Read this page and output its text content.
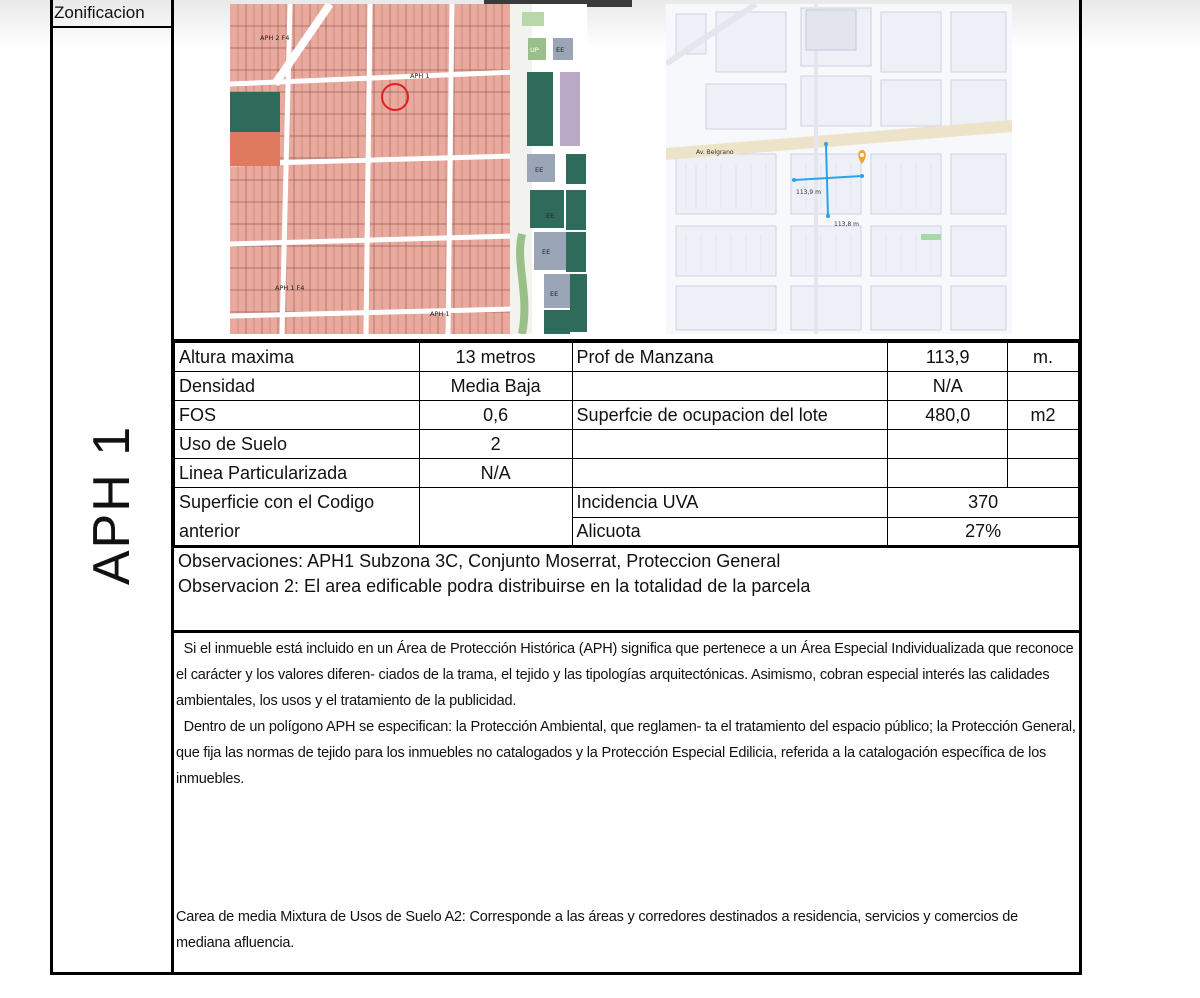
Zonificacion
APH 1
APH 2 F4
APH 1
APH 1 F4
APH 1
UP	EE
EE
EE
EE
EE
Av. Belgrano
113,9 m
113,8 m
Altura maxima	13 metros	Prof de Manzana	113,9	m.
Densidad	Media Baja		N/A	
FOS	0,6	Superfcie de ocupacion del lote	480,0	m2
Uso de Suelo	2			
Linea Particularizada	N/A			
Superficie con el Codigo anterior		Incidencia UVA	370	
		Alicuota	27%	
Observaciones: APH1 Subzona 3C, Conjunto Moserrat, Proteccion General
Observacion 2: El area edificable podra distribuirse en la totalidad de la parcela

Si el inmueble está incluido en un Área de Protección Histórica (APH) significa que pertenece a un Área Especial Individualizada que reconoce el carácter y los valores diferen- ciados de la trama, el tejido y las tipologías arquitectónicas. Asimismo, cobran especial interés las calidades ambientales, los usos y el tratamiento de la publicidad.

Dentro de un polígono APH se especifican: la Protección Ambiental, que reglamen- ta el tratamiento del espacio público; la Protección General, que fija las normas de tejido para los inmuebles no catalogados y la Protección Especial Edilicia, referida a la catalogación específica de los inmuebles.

Carea de media Mixtura de Usos de Suelo A2: Corresponde a las áreas y corredores destinados a residencia, servicios y comercios de mediana afluencia.
